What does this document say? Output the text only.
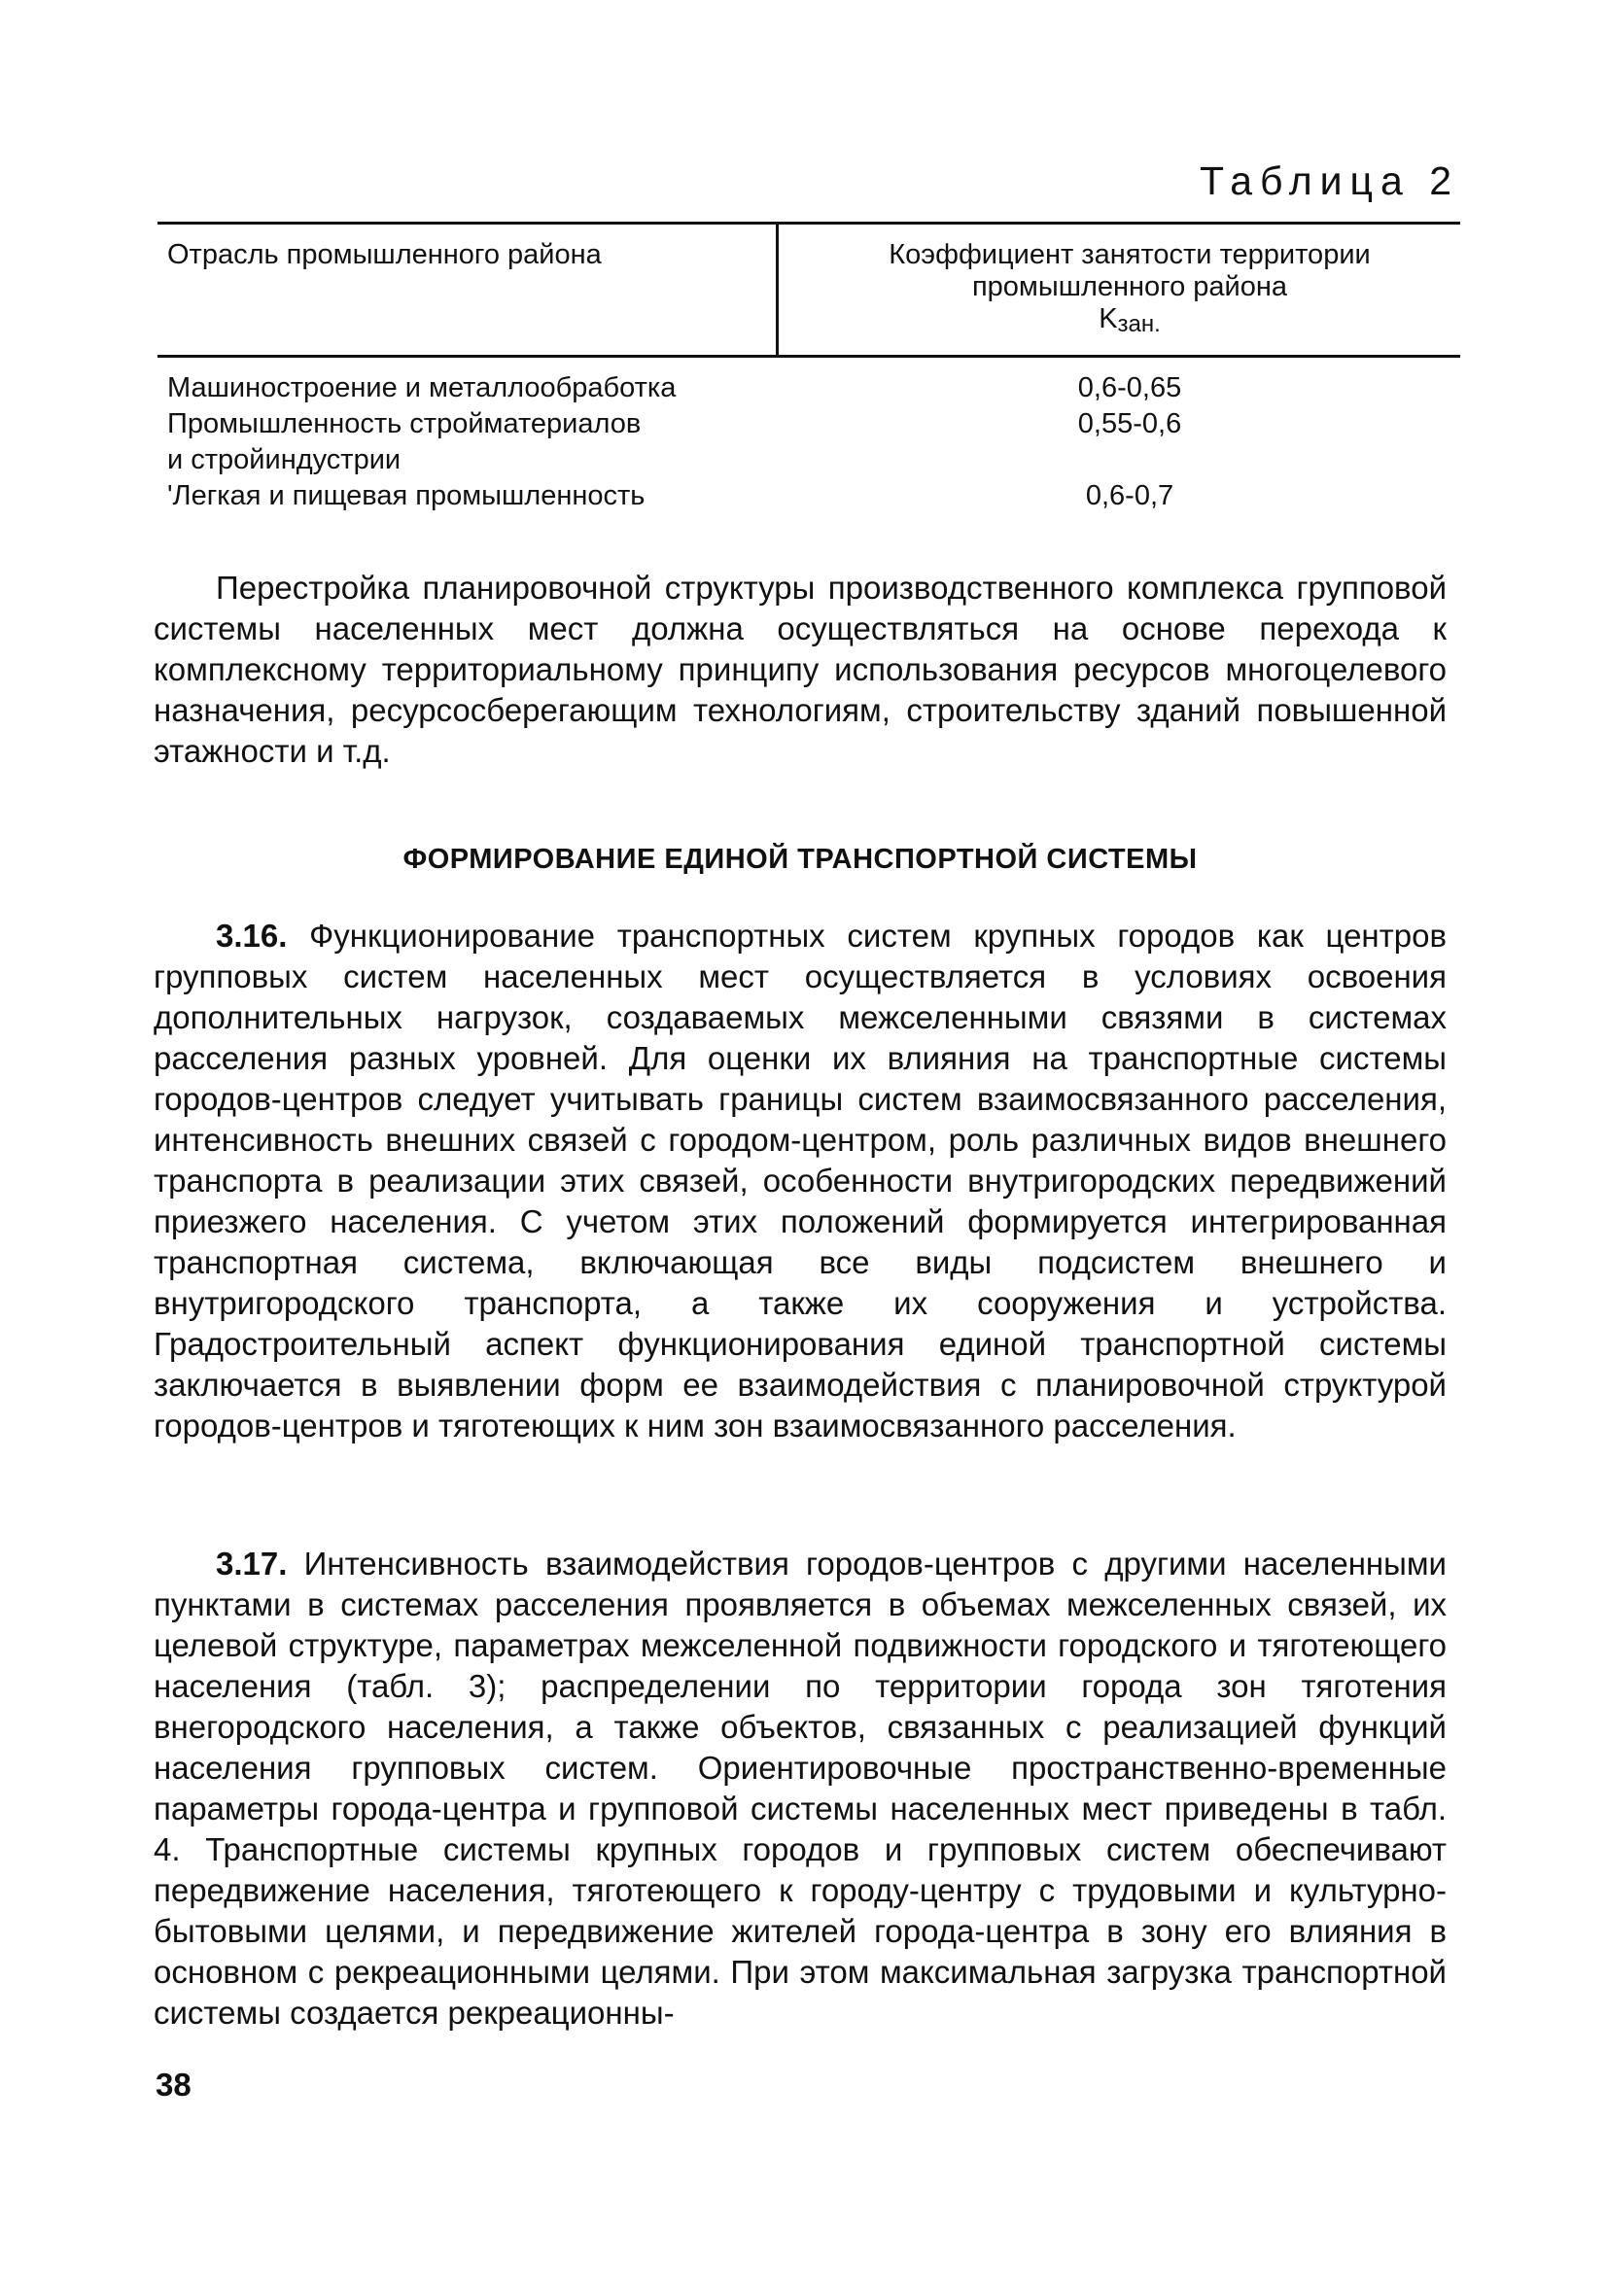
Таблица 2
Отрасль промышленного района	Коэффициент занятости территории
промышленного района
$K_{зан.}$
Машиностроение и металлообработка	0,6-0,65
Промышленность стройматериалов	0,55-0,6
и стройиндустрии
'Легкая и пищевая промышленность	0,6-0,7

Перестройка планировочной структуры производственного комплекса групповой системы населенных мест должна осуществляться на основе перехода к комплексному территориальному принципу использования ресурсов многоцелевого назначения, ресурсосберегающим технологиям, строительству зданий повышенной этажности и т.д.

ФОРМИРОВАНИЕ ЕДИНОЙ ТРАНСПОРТНОЙ СИСТЕМЫ

3.16. Функционирование транспортных систем крупных городов как центров групповых систем населенных мест осуществляется в условиях освоения дополнительных нагрузок, создаваемых межселенными связями в системах расселения разных уровней. Для оценки их влияния на транспортные системы городов-центров следует учитывать границы систем взаимосвязанного расселения, интенсивность внешних связей с городом-центром, роль различных видов внешнего транспорта в реализации этих связей, особенности внутригородских передвижений приезжего населения. С учетом этих положений формируется интегрированная транспортная система, включающая все виды подсистем внешнего и внутригородского транспорта, а также их сооружения и устройства. Градостроительный аспект функционирования единой транспортной системы заключается в выявлении форм ее взаимодействия с планировочной структурой городов-центров и тяготеющих к ним зон взаимосвязанного расселения.

3.17. Интенсивность взаимодействия городов-центров с другими населенными пунктами в системах расселения проявляется в объемах межселенных связей, их целевой структуре, параметрах межселенной подвижности городского и тяготеющего населения (табл. 3); распределении по территории города зон тяготения внегородского населения, а также объектов, связанных с реализацией функций населения групповых систем. Ориентировочные пространственно-временные параметры города-центра и групповой системы населенных мест приведены в табл. 4. Транспортные системы крупных городов и групповых систем обеспечивают передвижение населения, тяготеющего к городу-центру с трудовыми и культурно-бытовыми целями, и передвижение жителей города-центра в зону его влияния в основном с рекреационными целями. При этом максимальная загрузка транспортной системы создается рекреационны-

38
